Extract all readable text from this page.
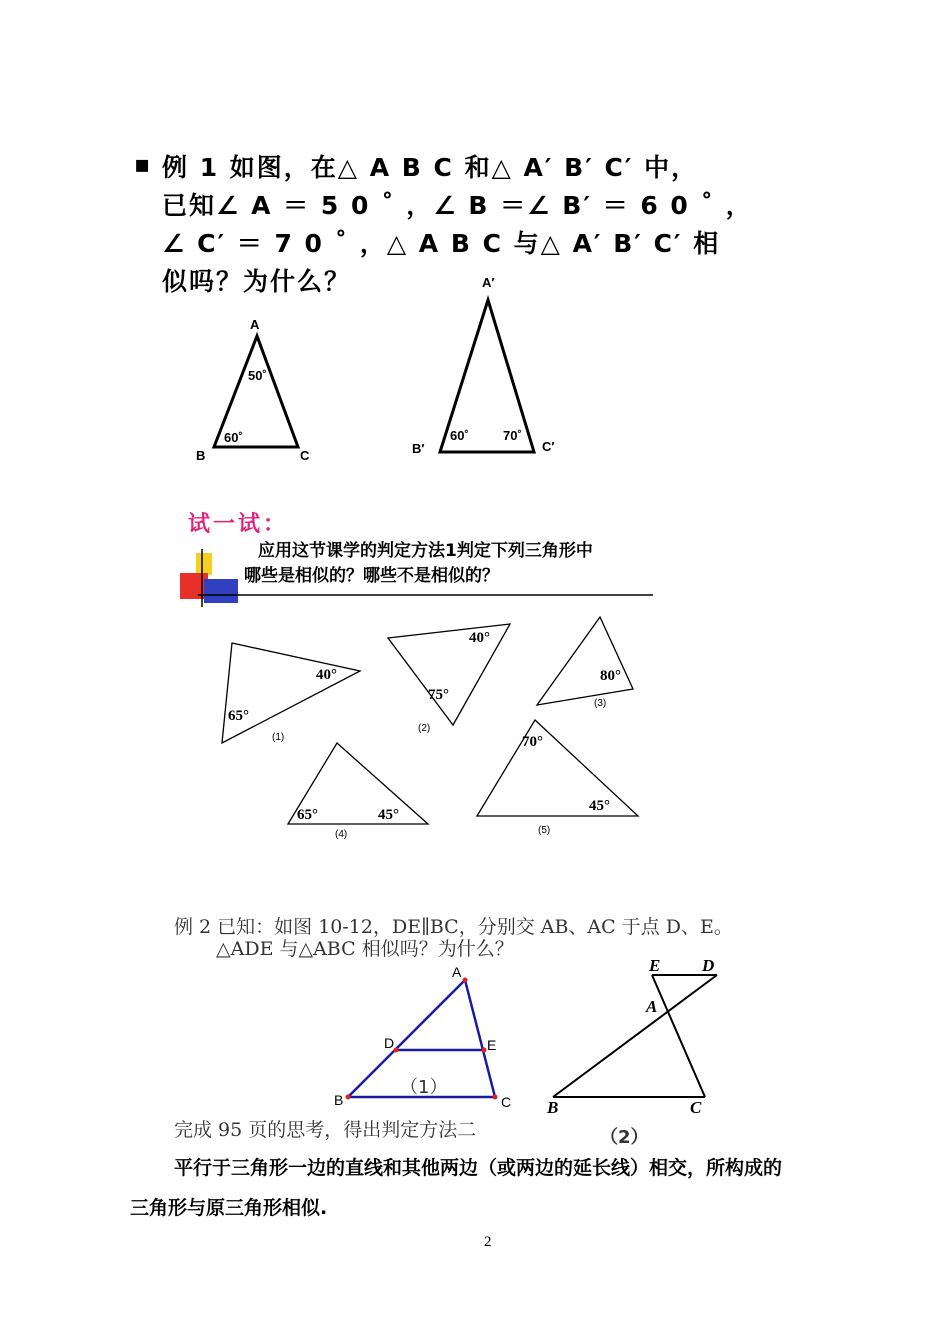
▪ 例 1 如图，在△ A B C 和△ A′ B′ C′ 中，
已知∠ A ＝ 5 0 ˚ ，∠ B ＝∠ B′ ＝ 6 0 ˚ ，
∠ C′ ＝ 7 0 ˚ ，△ A B C 与△ A′ B′ C′ 相
似吗？为什么？
A
B	C
50˚
60˚
A′
B′	C′
60˚	70˚
试一试：
应用这节课学的判定方法1判定下列三角形中
哪些是相似的？哪些不是相似的？
40°
65°
(1)
40°
75°
(2)
80°
(3)
65°	45°
(4)
70°
45°
(5)
例 2 已知：如图 10-12，DE∥BC，分别交 AB、AC 于点 D、E。
△ADE 与△ABC 相似吗？为什么？
A
D	E
B	C
（1）
E D
A
B	C
（2）
完成 95 页的思考，得出判定方法二
平行于三角形一边的直线和其他两边（或两边的延长线）相交，所构成的
三角形与原三角形相似.
2
